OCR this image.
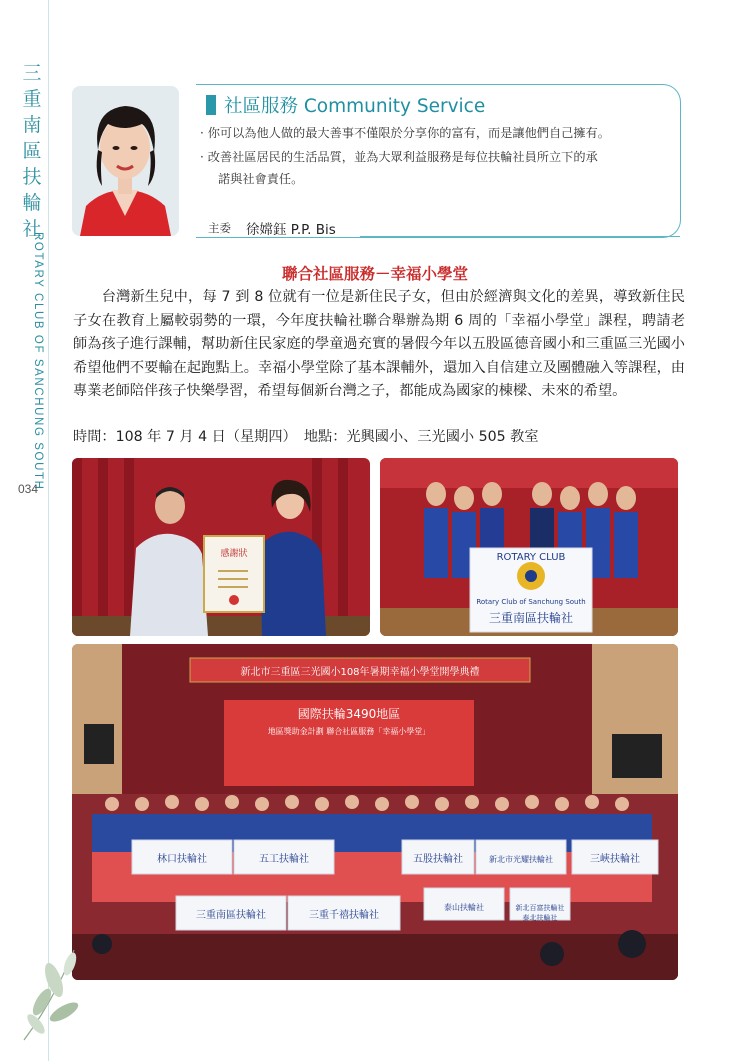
三
重
南
區
扶
輪
社
ROTARY CLUB OF SANCHUNG SOUTH
034
社區服務 Community Service
· 你可以為他人做的最大善事不僅限於分享你的富有，而是讓他們自己擁有。
· 改善社區居民的生活品質，並為大眾利益服務是每位扶輪社員所立下的承
諾與社會責任。
主委 徐嫦鈺 P.P. Bis
聯合社區服務－幸福小學堂
　　台灣新生兒中，每 7 到 8 位就有一位是新住民子女，但由於經濟與文化的差異，導致新住民子女在教育上屬較弱勢的一環，今年度扶輪社聯合舉辦為期 6 周的「幸福小學堂」課程，聘請老師為孩子進行課輔，幫助新住民家庭的學童過充實的暑假今年以五股區德音國小和三重區三光國小希望他們不要輸在起跑點上。幸福小學堂除了基本課輔外，還加入自信建立及團體融入等課程，由專業老師陪伴孩子快樂學習，希望每個新台灣之子，都能成為國家的棟樑、未來的希望。
時間：108 年 7 月 4 日（星期四）　地點：光興國小、三光國小 505 教室
感謝狀	ROTARY CLUB
Rotary Club of Sanchung South
三重南區扶輪社
新北市三重區三光國小108年暑期幸福小學堂開學典禮
國際扶輪3490地區
地區獎助金計劃 聯合社區服務「幸福小學堂」
林口扶輪社	五工扶輪社	五股扶輪社	新北市光耀扶輪社	三峽扶輪社
三重南區扶輪社	三重千禧扶輪社
泰山扶輪社	新北百富扶輪社
泰北扶輪社
